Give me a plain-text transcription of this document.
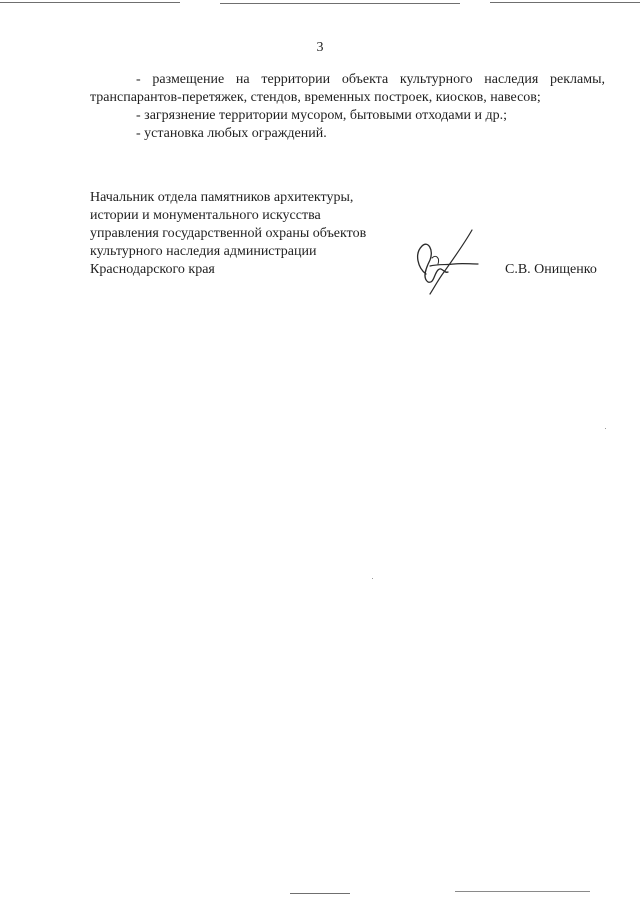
3

- размещение на территории объекта культурного наследия рекламы,

транспарантов-перетяжек, стендов, временных построек, киосков, навесов;

- загрязнение территории мусором, бытовыми отходами и др.;

- установка любых ограждений.

Начальник отдела памятников архитектуры,
истории и монументального искусства
управления государственной охраны объектов
культурного наследия администрации
Краснодарского края	С.В. Онищенко
